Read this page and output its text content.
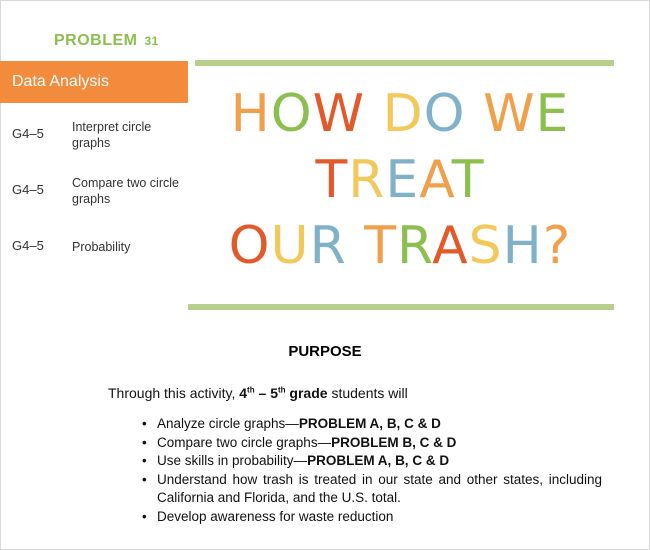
PROBLEM 31
Data Analysis
G4–5 Interpret circle graphs
G4–5 Compare two circle graphs
G4–5 Probability
HOW DO WE
TREAT
OUR TRASH?
PURPOSE
Through this activity, 4th – 5th grade students will
• Analyze circle graphs—PROBLEM A, B, C & D
• Compare two circle graphs—PROBLEM B, C & D
• Use skills in probability—PROBLEM A, B, C & D
• Understand how trash is treated in our state and other states, including California and Florida, and the U.S. total.
• Develop awareness for waste reduction
